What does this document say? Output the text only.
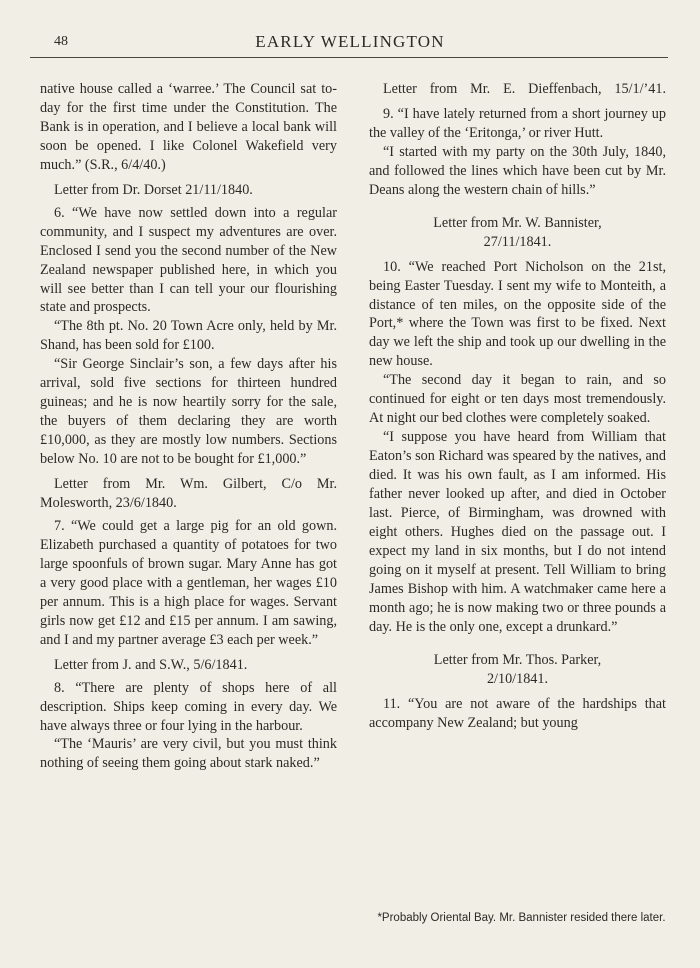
48	EARLY WELLINGTON

native house called a ‘warree.’ The Council sat to-day for the first time under the Constitution. The Bank is in operation, and I believe a local bank will soon be opened. I like Colonel Wakefield very much.” (S.R., 6/4/40.)

Letter from Dr. Dorset 21/11/1840.

6. “We have now settled down into a regular community, and I suspect my adventures are over. Enclosed I send you the second number of the New Zealand newspaper published here, in which you will see better than I can tell your our flourishing state and prospects.

“The 8th pt. No. 20 Town Acre only, held by Mr. Shand, has been sold for £100.

“Sir George Sinclair’s son, a few days after his arrival, sold five sections for thirteen hundred guineas; and he is now heartily sorry for the sale, the buyers of them declaring they are worth £10,000, as they are mostly low numbers. Sections below No. 10 are not to be bought for £1,000.”

Letter from Mr. Wm. Gilbert, C/o Mr. Molesworth, 23/6/1840.

7. “We could get a large pig for an old gown. Elizabeth purchased a quantity of potatoes for two large spoonfuls of brown sugar. Mary Anne has got a very good place with a gentleman, her wages £10 per annum. This is a high place for wages. Servant girls now get £12 and £15 per annum. I am sawing, and I and my partner average £3 each per week.”

Letter from J. and S.W., 5/6/1841.

8. “There are plenty of shops here of all description. Ships keep coming in every day. We have always three or four lying in the harbour.

“The ‘Mauris’ are very civil, but you must think nothing of seeing them going about stark naked.”

Letter from Mr. E. Dieffenbach, 15/1/’41.

9. “I have lately returned from a short journey up the valley of the ‘Eritonga,’ or river Hutt.

“I started with my party on the 30th July, 1840, and followed the lines which have been cut by Mr. Deans along the western chain of hills.”

Letter from Mr. W. Bannister,

27/11/1841.

10. “We reached Port Nicholson on the 21st, being Easter Tuesday. I sent my wife to Monteith, a distance of ten miles, on the opposite side of the Port,* where the Town was first to be fixed. Next day we left the ship and took up our dwelling in the new house.

“The second day it began to rain, and so continued for eight or ten days most tremendously. At night our bed clothes were completely soaked.

“I suppose you have heard from William that Eaton’s son Richard was speared by the natives, and died. It was his own fault, as I am informed. His father never looked up after, and died in October last. Pierce, of Birmingham, was drowned with eight others. Hughes died on the passage out. I expect my land in six months, but I do not intend going on it myself at present. Tell William to bring James Bishop with him. A watchmaker came here a month ago; he is now making two or three pounds a day. He is the only one, except a drunkard.”

Letter from Mr. Thos. Parker,

2/10/1841.

11. “You are not aware of the hardships that accompany New Zealand; but young

*Probably Oriental Bay. Mr. Bannister resided there later.
